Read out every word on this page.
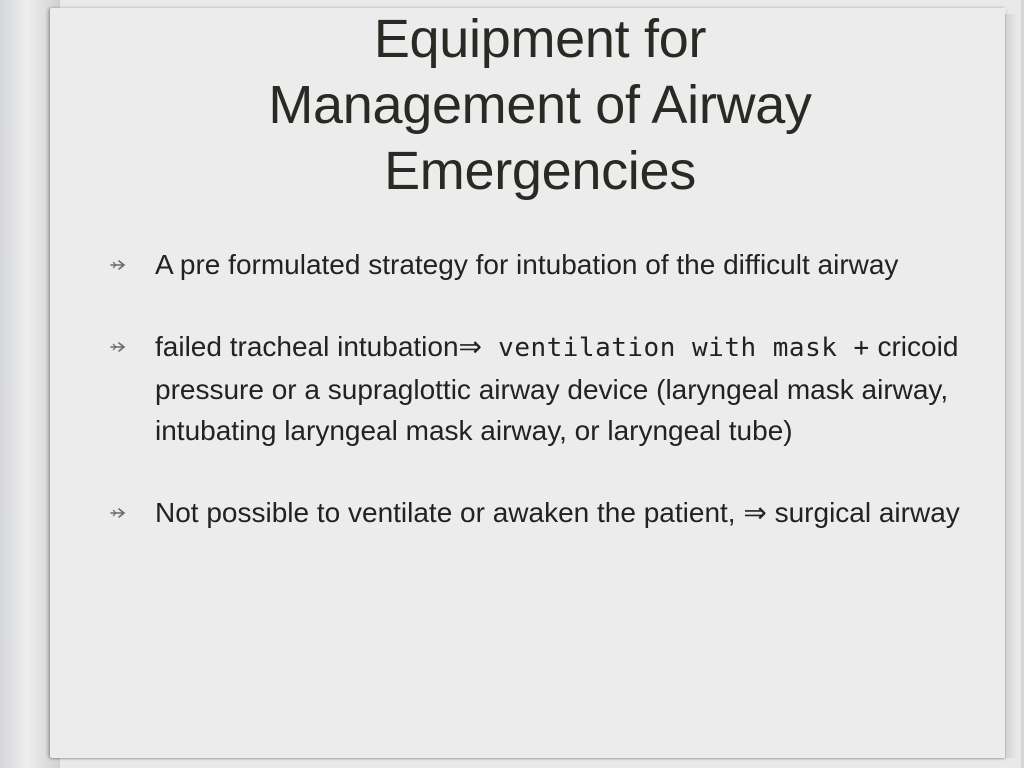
Equipment for
Management of Airway
Emergencies
A pre formulated strategy for intubation of the difficult airway
failed tracheal intubation⇒ ventilation with mask + cricoid pressure or a supraglottic airway device (laryngeal mask airway, intubating laryngeal mask airway, or laryngeal tube)
Not possible to ventilate or awaken the patient, ⇒ surgical airway
